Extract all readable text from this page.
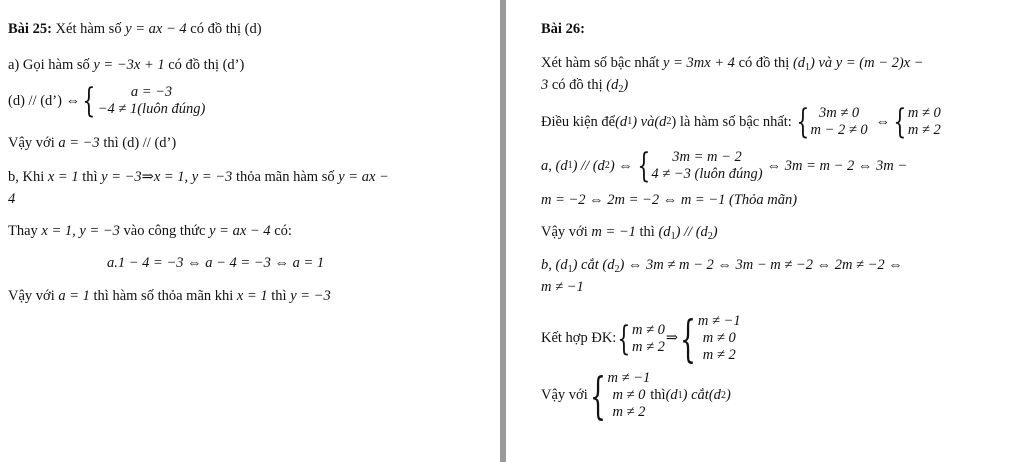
Bài 25: Xét hàm số y = ax − 4 có đồ thị (d)
a) Gọi hàm số y = −3x + 1 có đồ thị (d’)
(d) // (d’) ⇔ {	a = −3
−4 ≠ 1(luôn đúng)
Vậy với a = −3 thì (d) // (d’)
b, Khi x = 1 thì y = −3⇒x = 1, y = −3 thỏa mãn hàm số y = ax −
4
Thay x = 1, y = −3 vào công thức y = ax − 4 có:
a.1 − 4 = −3 ⇔ a − 4 = −3 ⇔ a = 1
Vậy với a = 1 thì hàm số thỏa mãn khi x = 1 thì y = −3
Bài 26:
Xét hàm số bậc nhất y = 3mx + 4 có đồ thị $(d_1)$ và y = (m − 2)x −
3 có đồ thị $(d_2)$
Điều kiện để (d 1 ) và (d 2 ) là hàm số bậc nhất: { 3m ≠ 0
m − 2 ≠ 0
⇔ { m ≠ 0
m ≠ 2
a, (d 1 ) // (d 2 ) ⇔ {	3m = m − 2
4 ≠ −3 (luôn đúng)
⇔ 3m = m − 2 ⇔ 3m −
m = −2 ⇔ 2m = −2 ⇔ m = −1 (Thỏa mãn)
Vậy với m = −1 thì $(d_1) // (d_2)$
b, $(d_1)$ cắt $(d_2)$ ⇔ 3m ≠ m − 2 ⇔ 3m − m ≠ −2 ⇔ 2m ≠ −2 ⇔
m ≠ −1
Kết hợp ĐK: { m ≠ 0
m ≠ 2
⇒ { m ≠ −1
m ≠ 0
m ≠ 2
Vậy với { m ≠ −1
m ≠ 0
m ≠ 2
thì (d 1 ) cắt (d 2 )
